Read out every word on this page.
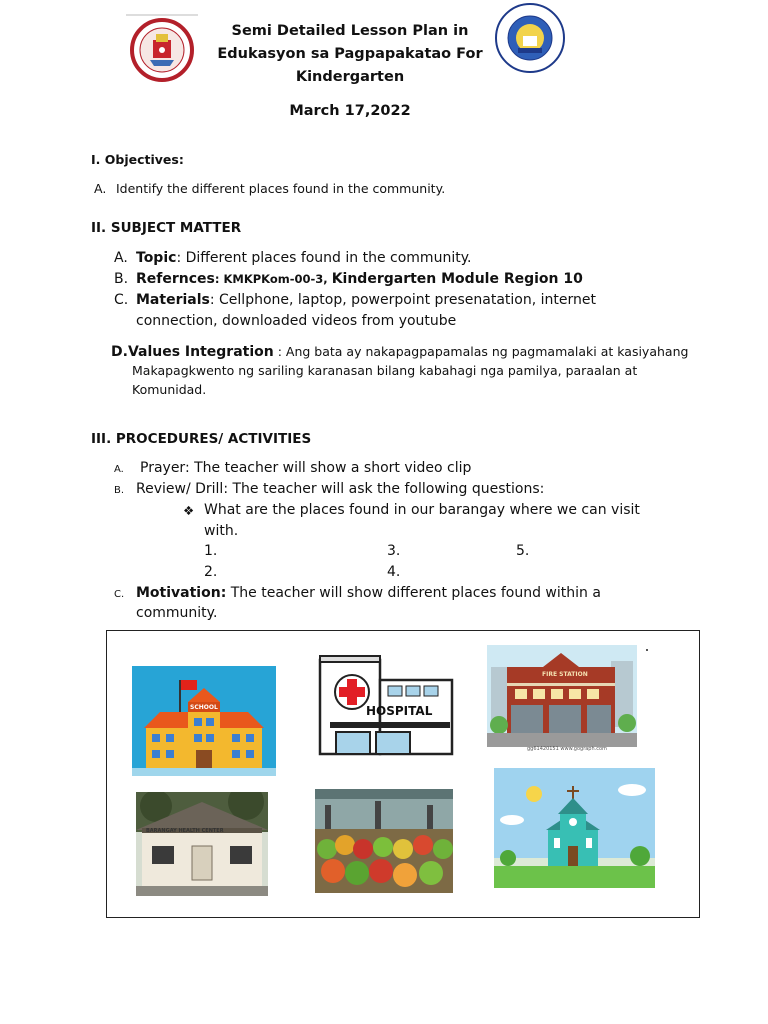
Semi Detailed Lesson Plan in
Edukasyon sa Pagpapakatao For
Kindergarten
March 17,2022
I. Objectives:
A. Identify the different places found in the community.
II. SUBJECT MATTER
A. Topic: Different places found in the community.
B. Refernces: KMKPKom-00-3, Kindergarten Module Region 10
C. Materials: Cellphone, laptop, powerpoint presenatation, internet
connection, downloaded videos from youtube
D.Values Integration : Ang bata ay nakapagpapamalas ng pagmamalaki at kasiyahang
Makapagkwento ng sariling karanasan bilang kabahagi nga pamilya, paraalan at
Komunidad.
III. PROCEDURES/ ACTIVITIES
A. Prayer: The teacher will show a short video clip
B. Review/ Drill: The teacher will ask the following questions:
❖ What are the places found in our barangay where we can visit
with.
1.	3.	5.
2.	4.
C. Motivation: The teacher will show different places found within a
community.
SCHOOL	HOSPITAL
FIRE STATION
gg61420151 www.gograph.com
BARANGAY HEALTH CENTER
